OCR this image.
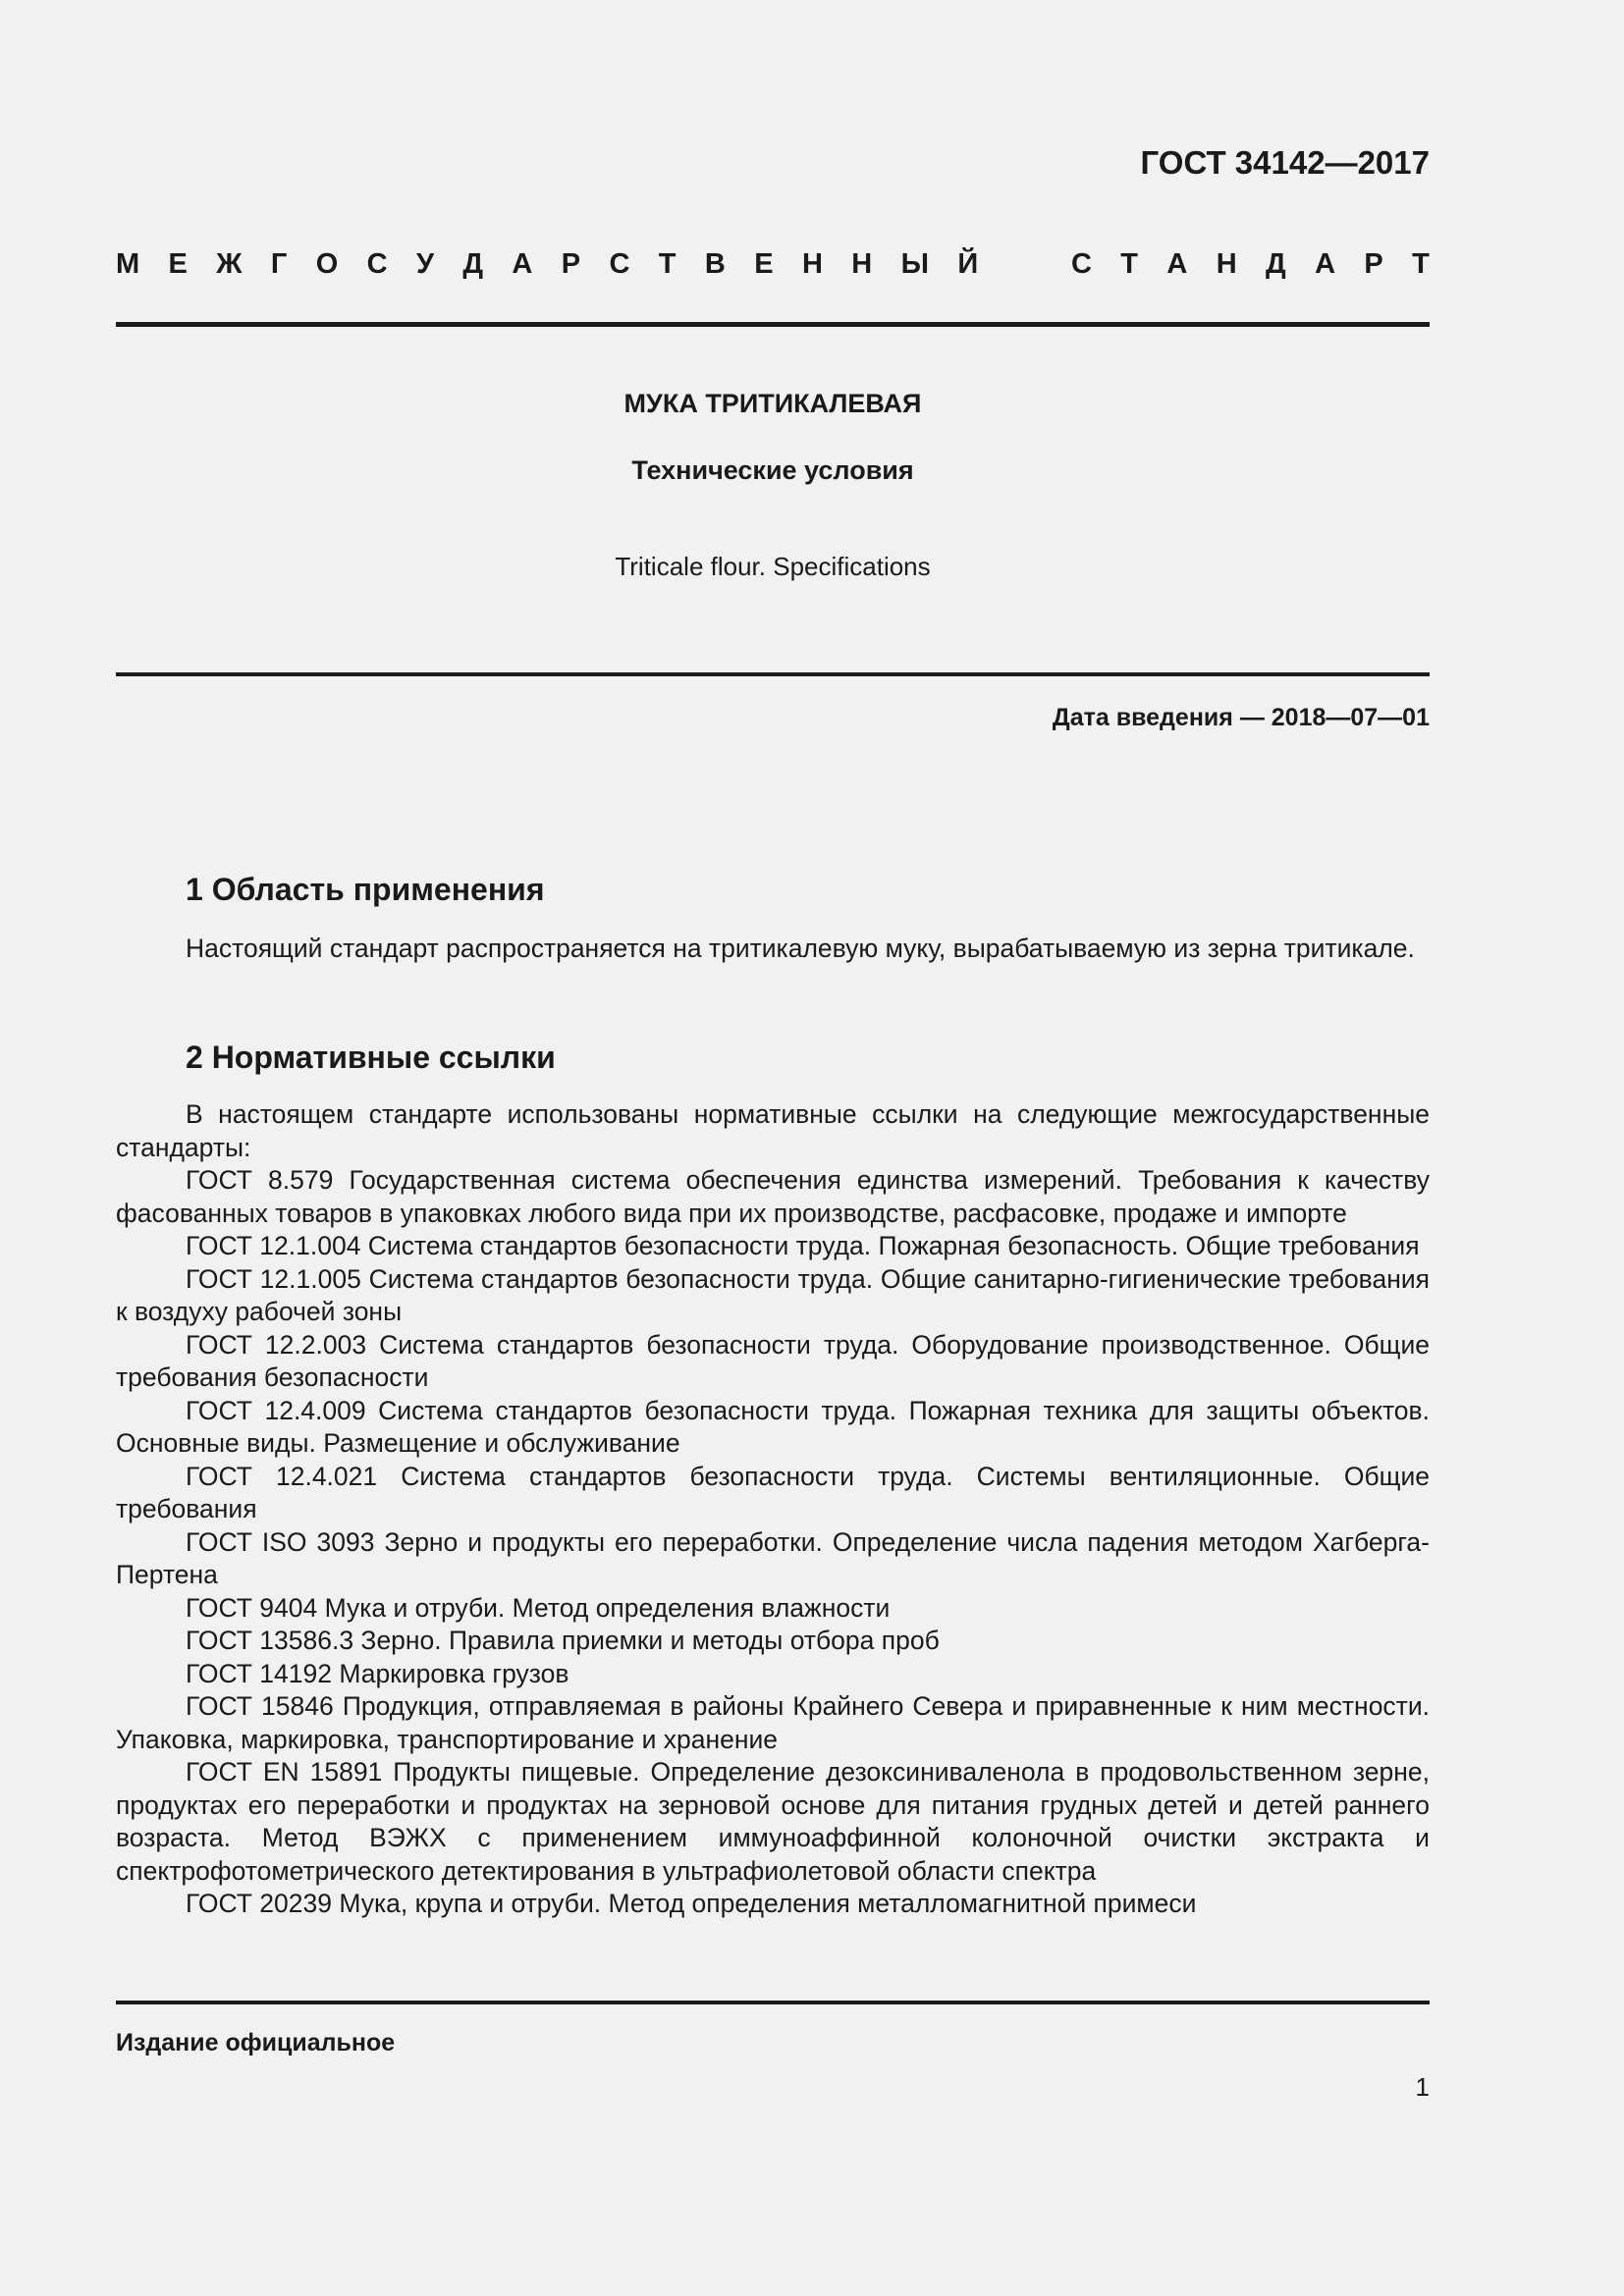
ГОСТ 34142—2017
М Е Ж Г О С У Д А Р С Т В Е Н Н Ы Й	С Т А Н Д А Р Т
МУКА ТРИТИКАЛЕВАЯ
Технические условия
Triticale flour. Specifications
Дата введения — 2018—07—01
1 Область применения

Настоящий стандарт распространяется на тритикалевую муку, вырабатываемую из зерна тритикале.

2 Нормативные ссылки

В настоящем стандарте использованы нормативные ссылки на следующие межгосударственные стандарты:

ГОСТ 8.579 Государственная система обеспечения единства измерений. Требования к качеству фасованных товаров в упаковках любого вида при их производстве, расфасовке, продаже и импорте

ГОСТ 12.1.004 Система стандартов безопасности труда. Пожарная безопасность. Общие требования

ГОСТ 12.1.005 Система стандартов безопасности труда. Общие санитарно-гигиенические требования к воздуху рабочей зоны

ГОСТ 12.2.003 Система стандартов безопасности труда. Оборудование производственное. Общие требования безопасности

ГОСТ 12.4.009 Система стандартов безопасности труда. Пожарная техника для защиты объектов. Основные виды. Размещение и обслуживание

ГОСТ 12.4.021 Система стандартов безопасности труда. Системы вентиляционные. Общие требования

ГОСТ ISO 3093 Зерно и продукты его переработки. Определение числа падения методом Хагберга-Пертена

ГОСТ 9404 Мука и отруби. Метод определения влажности

ГОСТ 13586.3 Зерно. Правила приемки и методы отбора проб

ГОСТ 14192 Маркировка грузов

ГОСТ 15846 Продукция, отправляемая в районы Крайнего Севера и приравненные к ним местности. Упаковка, маркировка, транспортирование и хранение

ГОСТ EN 15891 Продукты пищевые. Определение дезоксиниваленола в продовольственном зерне, продуктах его переработки и продуктах на зерновой основе для питания грудных детей и детей раннего возраста. Метод ВЭЖХ с применением иммуноаффинной колоночной очистки экстракта и спектрофотометрического детектирования в ультрафиолетовой области спектра

ГОСТ 20239 Мука, крупа и отруби. Метод определения металломагнитной примеси

Издание официальное
1
